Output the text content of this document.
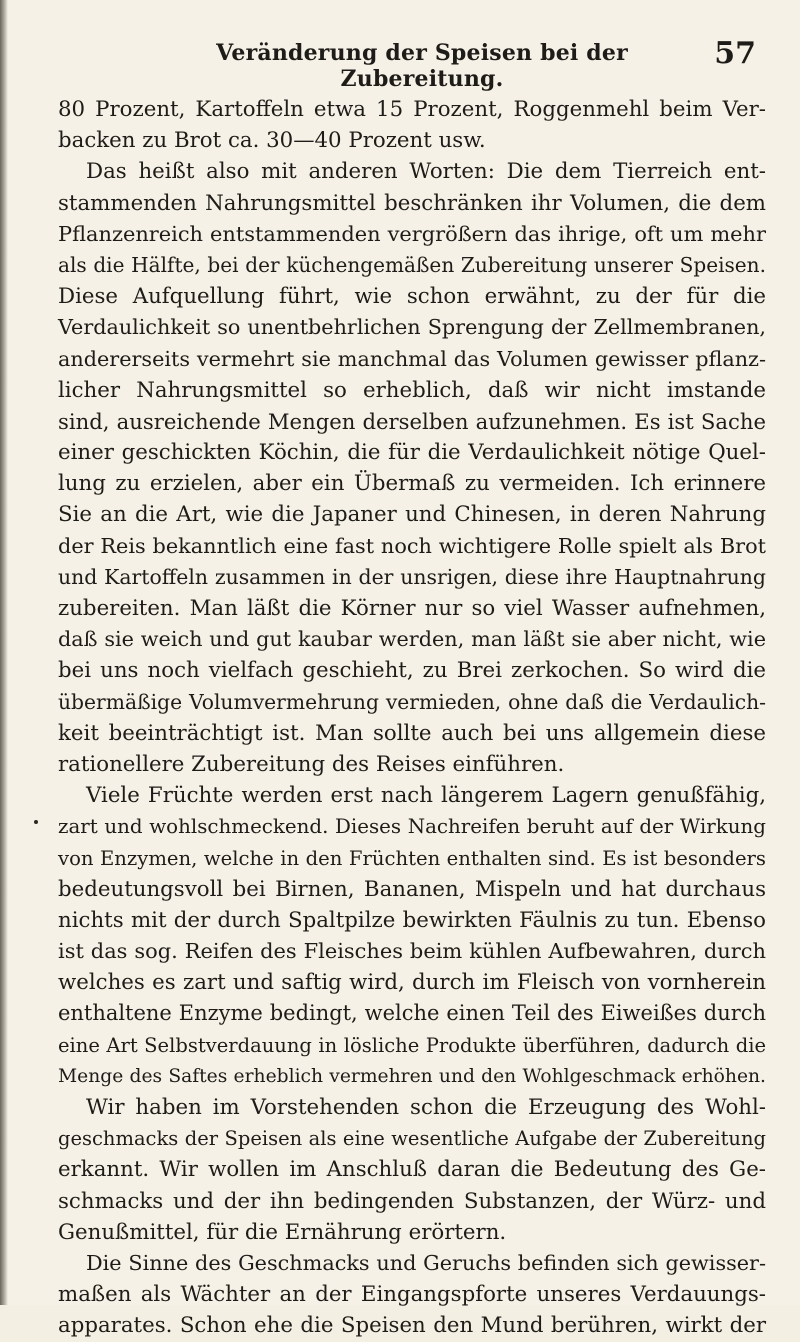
Veränderung der Speisen bei der Zubereitung.
57
80 Prozent, Kartoffeln etwa 15 Prozent, Roggenmehl beim Ver-
backen zu Brot ca. 30—40 Prozent usw.
Das heißt also mit anderen Worten: Die dem Tierreich ent-
stammenden Nahrungsmittel beschränken ihr Volumen, die dem
Pflanzenreich entstammenden vergrößern das ihrige, oft um mehr
als die Hälfte, bei der küchengemäßen Zubereitung unserer Speisen.
Diese Aufquellung führt, wie schon erwähnt, zu der für die
Verdaulichkeit so unentbehrlichen Sprengung der Zellmembranen,
andererseits vermehrt sie manchmal das Volumen gewisser pflanz-
licher Nahrungsmittel so erheblich, daß wir nicht imstande
sind, ausreichende Mengen derselben aufzunehmen. Es ist Sache
einer geschickten Köchin, die für die Verdaulichkeit nötige Quel-
lung zu erzielen, aber ein Übermaß zu vermeiden. Ich erinnere
Sie an die Art, wie die Japaner und Chinesen, in deren Nahrung
der Reis bekanntlich eine fast noch wichtigere Rolle spielt als Brot
und Kartoffeln zusammen in der unsrigen, diese ihre Hauptnahrung
zubereiten. Man läßt die Körner nur so viel Wasser aufnehmen,
daß sie weich und gut kaubar werden, man läßt sie aber nicht, wie
bei uns noch vielfach geschieht, zu Brei zerkochen. So wird die
übermäßige Volumvermehrung vermieden, ohne daß die Verdaulich-
keit beeinträchtigt ist. Man sollte auch bei uns allgemein diese
rationellere Zubereitung des Reises einführen.
Viele Früchte werden erst nach längerem Lagern genußfähig,
zart und wohlschmeckend. Dieses Nachreifen beruht auf der Wirkung
von Enzymen, welche in den Früchten enthalten sind. Es ist besonders
bedeutungsvoll bei Birnen, Bananen, Mispeln und hat durchaus
nichts mit der durch Spaltpilze bewirkten Fäulnis zu tun. Ebenso
ist das sog. Reifen des Fleisches beim kühlen Aufbewahren, durch
welches es zart und saftig wird, durch im Fleisch von vornherein
enthaltene Enzyme bedingt, welche einen Teil des Eiweißes durch
eine Art Selbstverdauung in lösliche Produkte überführen, dadurch die
Menge des Saftes erheblich vermehren und den Wohlgeschmack erhöhen.
Wir haben im Vorstehenden schon die Erzeugung des Wohl-
geschmacks der Speisen als eine wesentliche Aufgabe der Zubereitung
erkannt. Wir wollen im Anschluß daran die Bedeutung des Ge-
schmacks und der ihn bedingenden Substanzen, der Würz- und
Genußmittel, für die Ernährung erörtern.
Die Sinne des Geschmacks und Geruchs befinden sich gewisser-
maßen als Wächter an der Eingangspforte unseres Verdauungs-
apparates. Schon ehe die Speisen den Mund berühren, wirkt der
